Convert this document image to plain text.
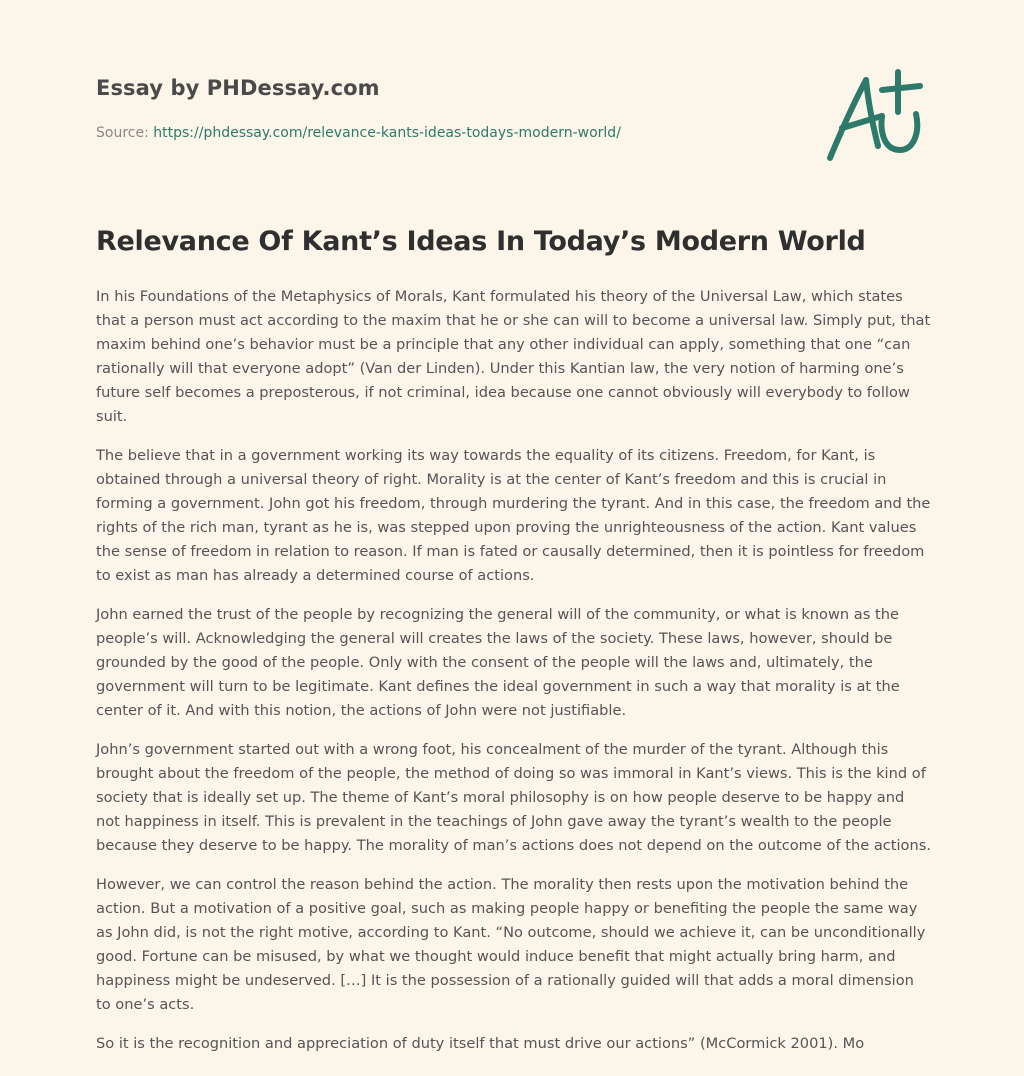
Essay by PHDessay.com
Source: https://phdessay.com/relevance-kants-ideas-todays-modern-world/
Relevance Of Kant’s Ideas In Today’s Modern World

In his Foundations of the Metaphysics of Morals, Kant formulated his theory of the Universal Law, which states that a person must act according to the maxim that he or she can will to become a universal law. Simply put, that maxim behind one’s behavior must be a principle that any other individual can apply, something that one “can rationally will that everyone adopt” (Van der Linden). Under this Kantian law, the very notion of harming one’s future self becomes a preposterous, if not criminal, idea because one cannot obviously will everybody to follow suit.

The believe that in a government working its way towards the equality of its citizens. Freedom, for Kant, is obtained through a universal theory of right. Morality is at the center of Kant’s freedom and this is crucial in forming a government. John got his freedom, through murdering the tyrant. And in this case, the freedom and the rights of the rich man, tyrant as he is, was stepped upon proving the unrighteousness of the action. Kant values the sense of freedom in relation to reason. If man is fated or causally determined, then it is pointless for freedom to exist as man has already a determined course of actions.

John earned the trust of the people by recognizing the general will of the community, or what is known as the people’s will. Acknowledging the general will creates the laws of the society. These laws, however, should be grounded by the good of the people. Only with the consent of the people will the laws and, ultimately, the government will turn to be legitimate. Kant defines the ideal government in such a way that morality is at the center of it. And with this notion, the actions of John were not justifiable.

John’s government started out with a wrong foot, his concealment of the murder of the tyrant. Although this brought about the freedom of the people, the method of doing so was immoral in Kant’s views. This is the kind of society that is ideally set up. The theme of Kant’s moral philosophy is on how people deserve to be happy and not happiness in itself. This is prevalent in the teachings of John gave away the tyrant’s wealth to the people because they deserve to be happy. The morality of man’s actions does not depend on the outcome of the actions.

However, we can control the reason behind the action. The morality then rests upon the motivation behind the action. But a motivation of a positive goal, such as making people happy or benefiting the people the same way as John did, is not the right motive, according to Kant. “No outcome, should we achieve it, can be unconditionally good. Fortune can be misused, by what we thought would induce benefit that might actually bring harm, and happiness might be undeserved. […] It is the possession of a rationally guided will that adds a moral dimension to one’s acts.

So it is the recognition and appreciation of duty itself that must drive our actions” (McCormick 2001). Mo
